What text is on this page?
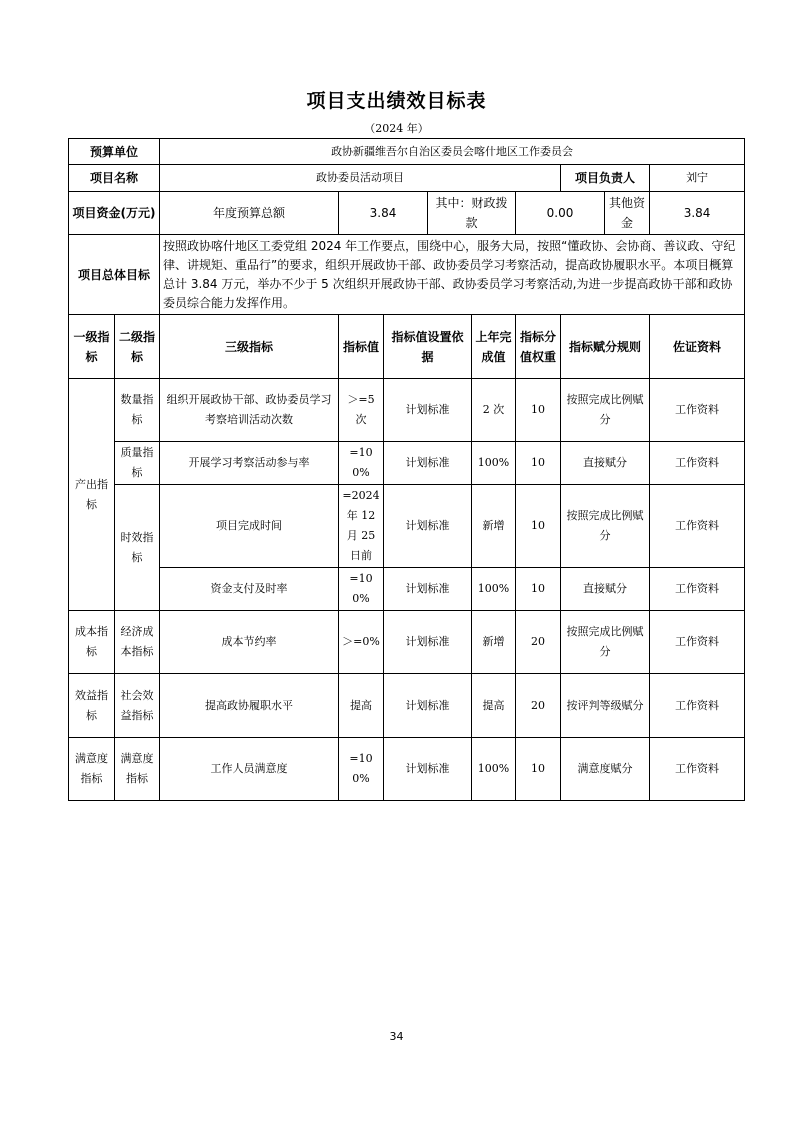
项目支出绩效目标表
（2024 年）
预算单位		政协新疆维吾尔自治区委员会喀什地区工作委员会								
项目名称		政协委员活动项目						项目负责人		刘宁
项目资金(万元)		年度预算总额	3.84		其中：财政拨款		0.00		其他资金	3.84
项目总体目标		按照政协喀什地区工委党组 2024 年工作要点，围绕中心，服务大局，按照“懂政协、会协商、善议政、守纪律、讲规矩、重品行”的要求，组织开展政协干部、政协委员学习考察活动，提高政协履职水平。本项目概算总计 3.84 万元，举办不少于 5 次组织开展政协干部、政协委员学习考察活动,为进一步提高政协干部和政协委员综合能力发挥作用。								
一级指标	二级指标	三级指标	指标值	指标值设置依据		上年完成值	指标分值权重	指标赋分规则		佐证资料
产出指标	数量指标	组织开展政协干部、政协委员学习考察培训活动次数	＞=5 次	计划标准		2 次	10	按照完成比例赋分		工作资料
	质量指标	开展学习考察活动参与率	=100%	计划标准		100%	10	直接赋分		工作资料
	时效指标	项目完成时间	=2024 年 12 月 25 日前	计划标准		新增	10	按照完成比例赋分		工作资料
		资金支付及时率	=100%	计划标准		100%	10	直接赋分		工作资料
成本指标	经济成本指标	成本节约率	＞=0%	计划标准		新增	20	按照完成比例赋分		工作资料
效益指标	社会效益指标	提高政协履职水平	提高	计划标准		提高	20	按评判等级赋分		工作资料
满意度指标	满意度指标	工作人员满意度	=100%	计划标准		100%	10	满意度赋分		工作资料
34
